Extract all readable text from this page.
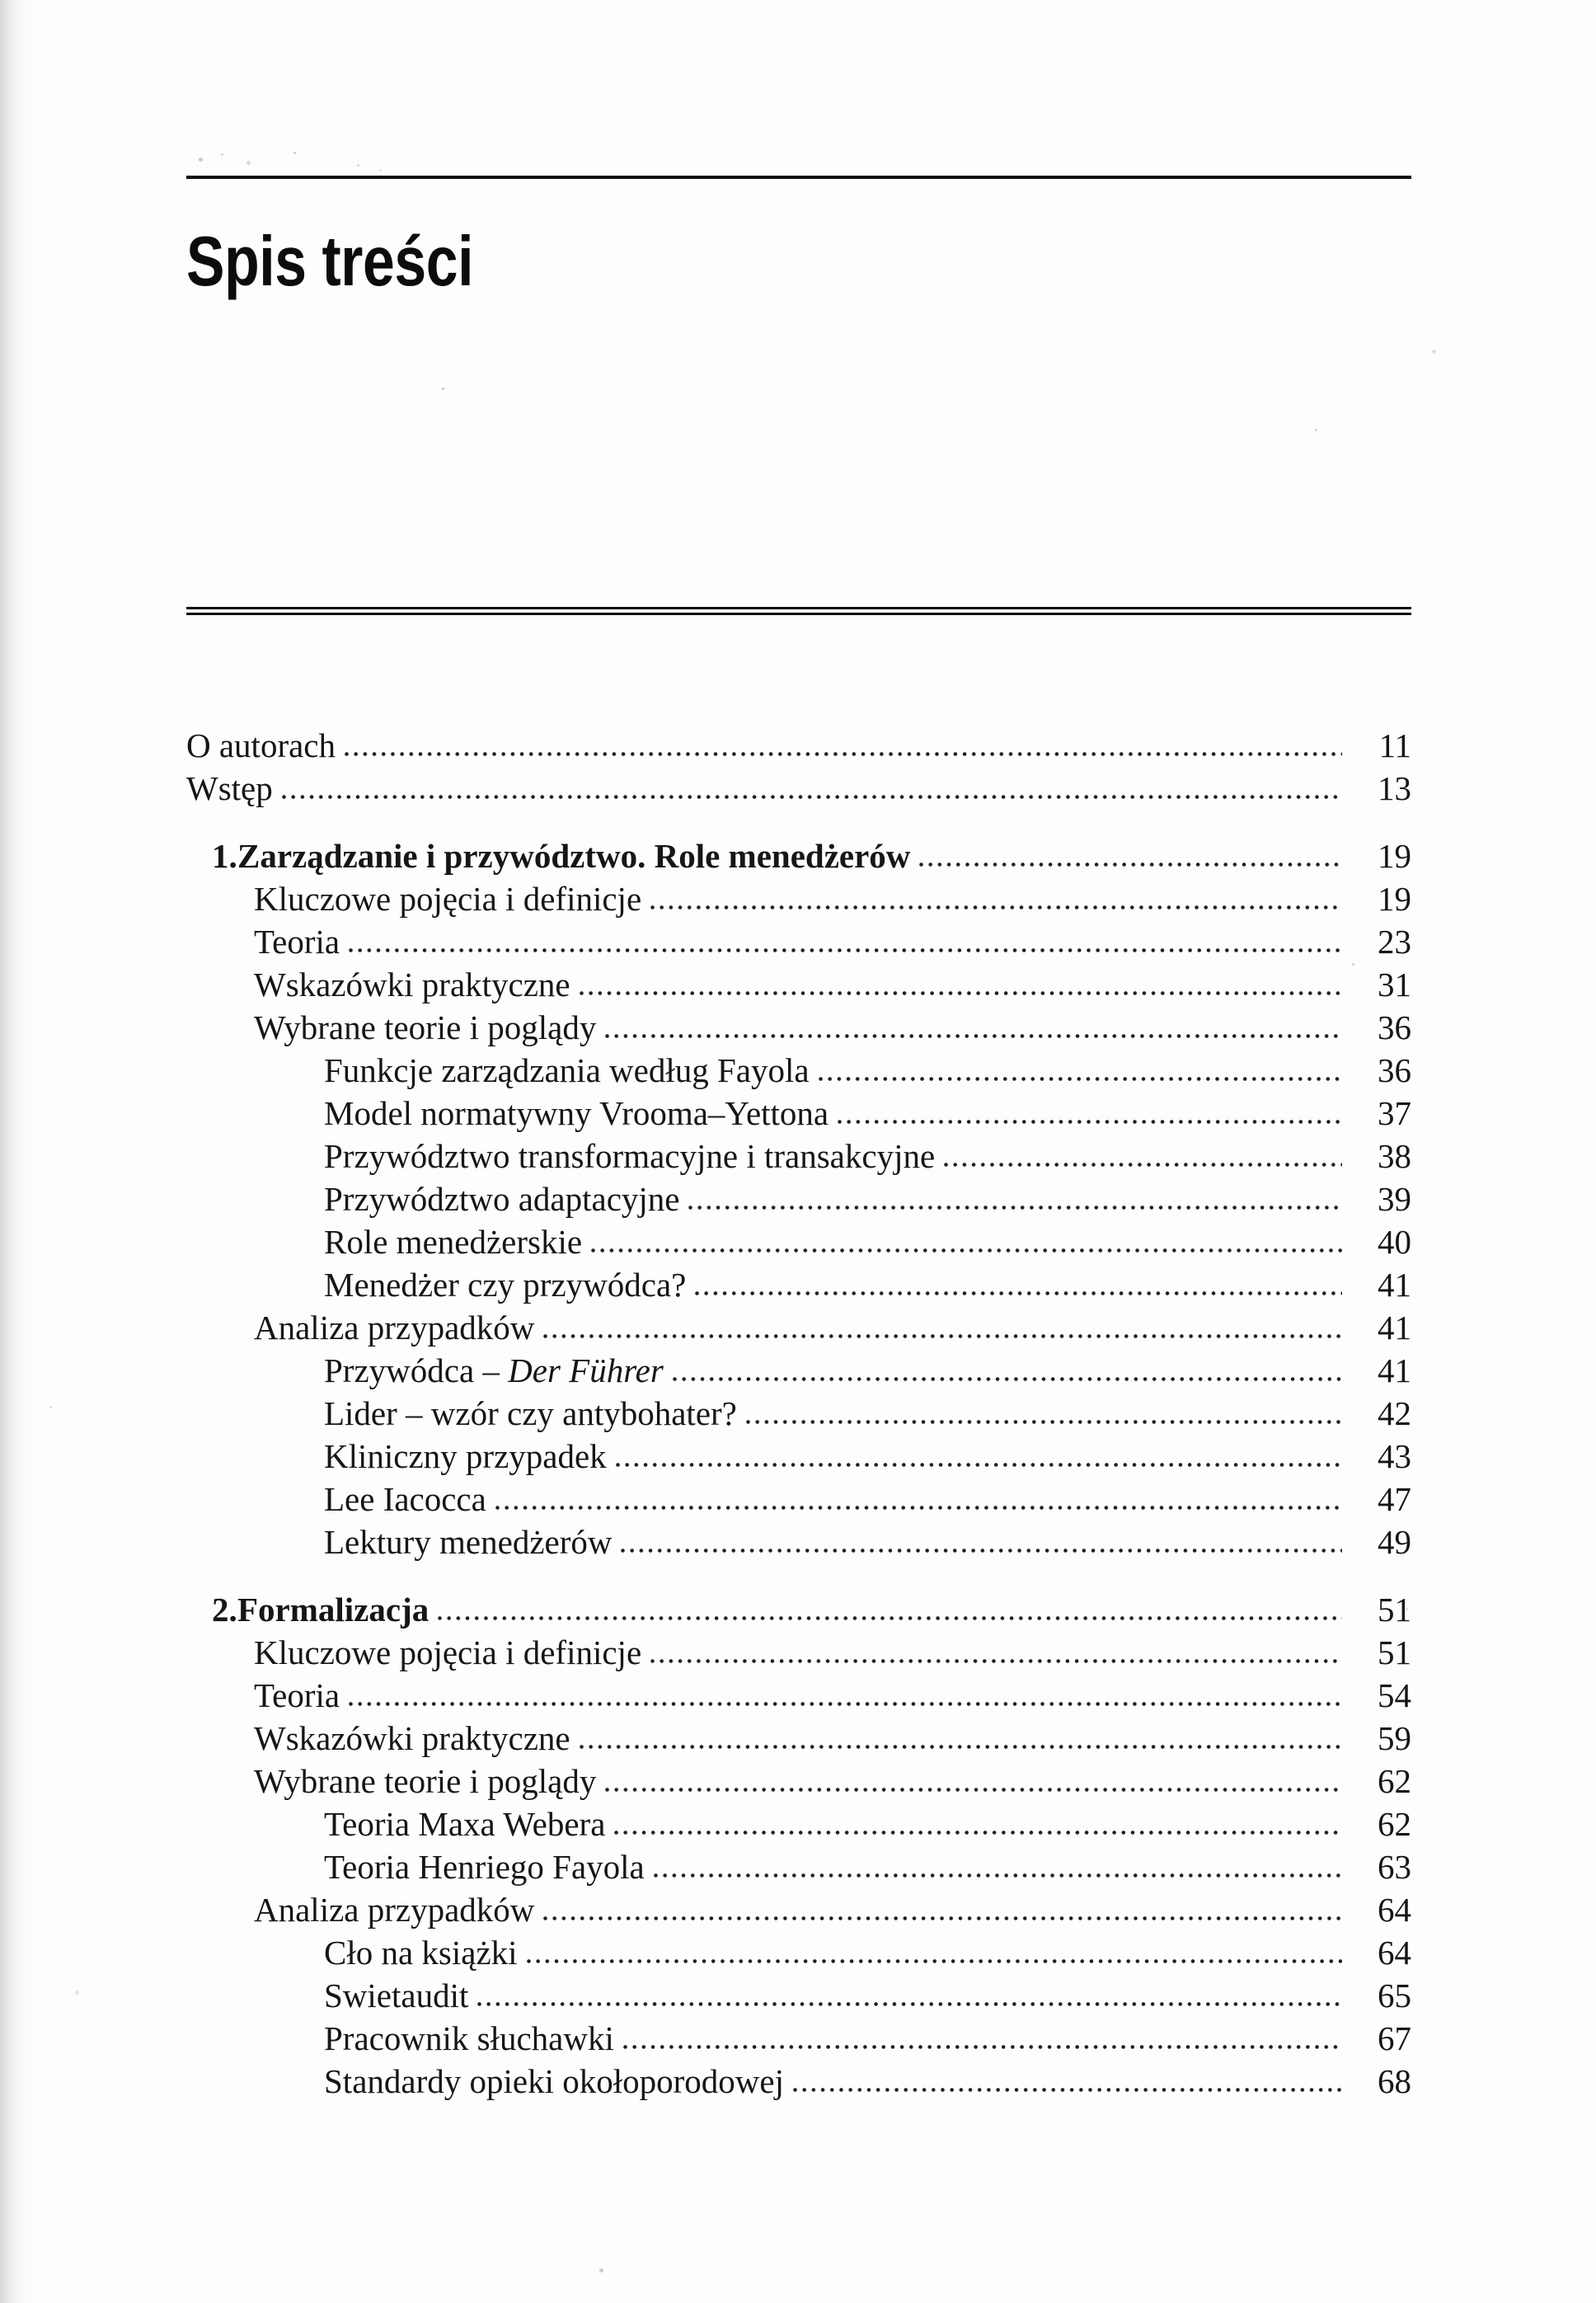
Spis treści
O autorach	11
Wstęp	13
1. Zarządzanie i przywództwo. Role menedżerów	19
Kluczowe pojęcia i definicje	19
Teoria	23
Wskazówki praktyczne	31
Wybrane teorie i poglądy	36
Funkcje zarządzania według Fayola	36
Model normatywny Vrooma–Yettona	37
Przywództwo transformacyjne i transakcyjne	38
Przywództwo adaptacyjne	39
Role menedżerskie	40
Menedżer czy przywódca?	41
Analiza przypadków	41
Przywódca – Der Führer	41
Lider – wzór czy antybohater?	42
Kliniczny przypadek	43
Lee Iacocca	47
Lektury menedżerów	49
2. Formalizacja	51
Kluczowe pojęcia i definicje	51
Teoria	54
Wskazówki praktyczne	59
Wybrane teorie i poglądy	62
Teoria Maxa Webera	62
Teoria Henriego Fayola	63
Analiza przypadków	64
Cło na książki	64
Swietaudit	65
Pracownik słuchawki	67
Standardy opieki okołoporodowej	68
